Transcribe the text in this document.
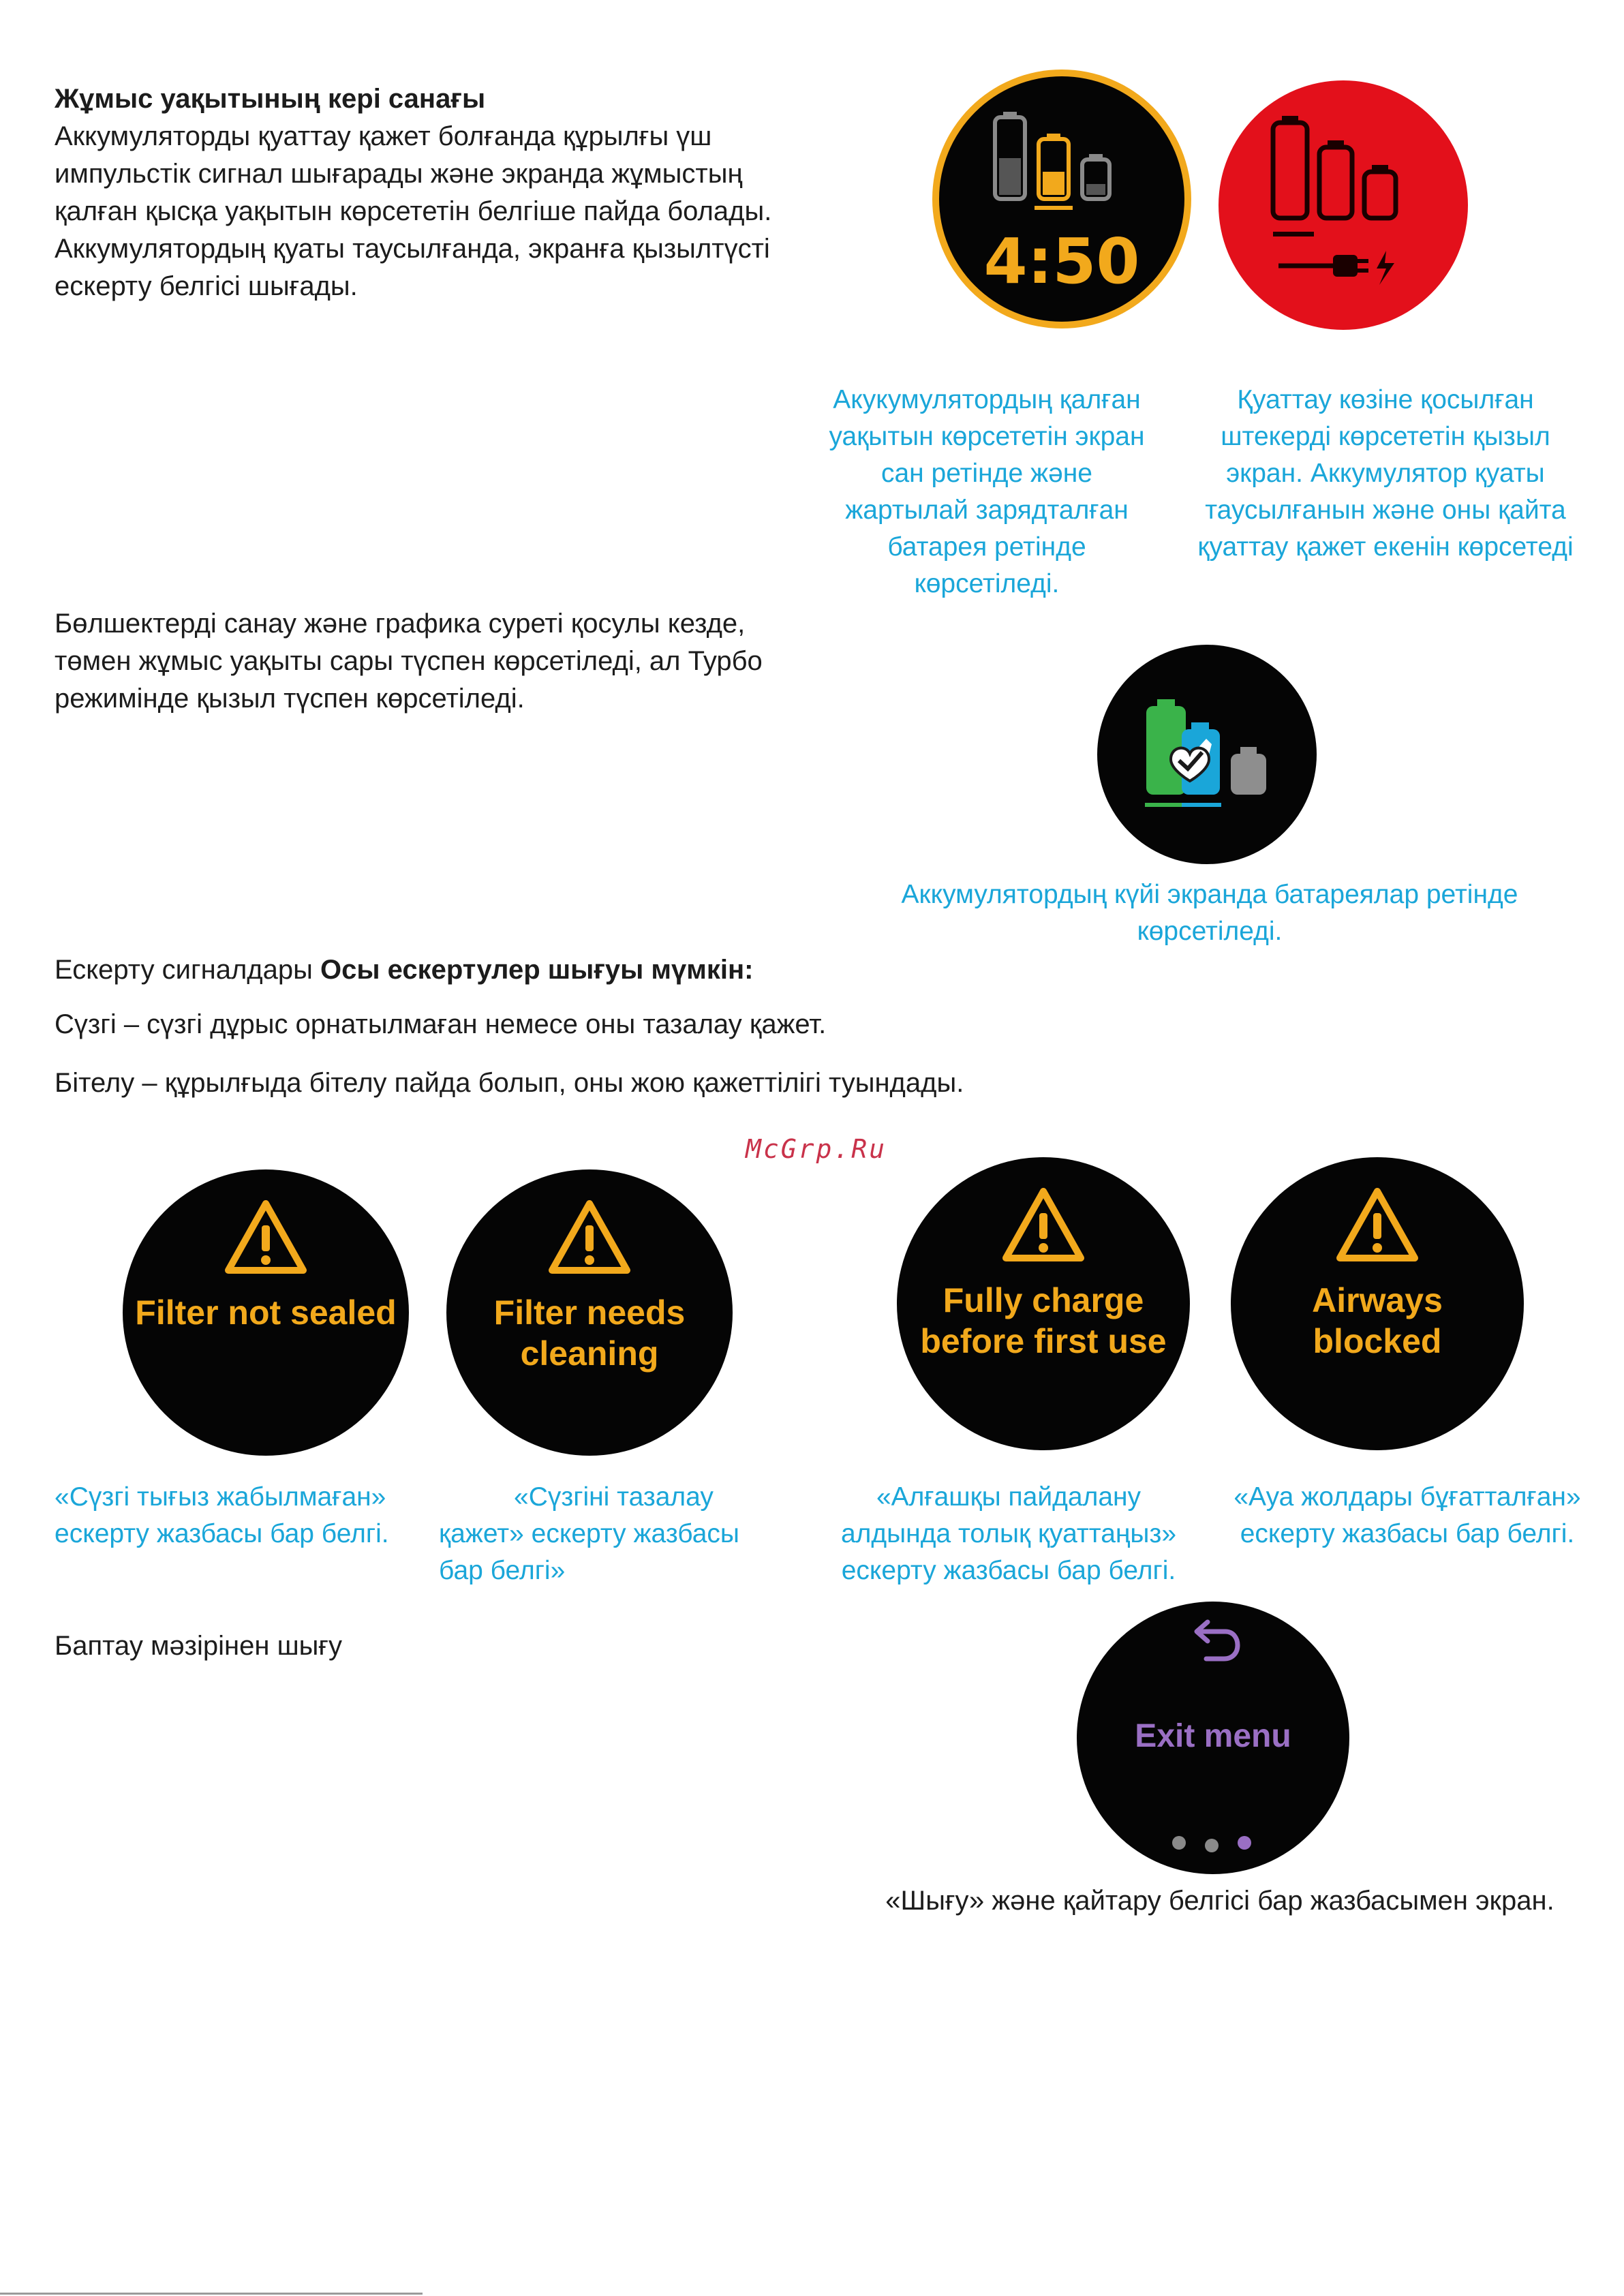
Жұмыс уақытының кері санағы
Аккумуляторды қуаттау қажет болғанда құрылғы үш импульстік сигнал шығарады және экранда жұмыстың қалған қысқа уақытын көрсететін белгіше пайда болады.
Аккумулятордың қуаты таусылғанда, экранға қызылтүсті ескерту белгісі шығады.	4:50
Акукумулятордың қалған уақытын көрсететін экран сан ретінде және жартылай зарядталған батарея ретінде көрсетіледі.
Қуаттау көзіне қосылған штекерді көрсететін қызыл экран. Аккумулятор қуаты таусылғанын және оны қайта қуаттау қажет екенін көрсетеді
Бөлшектерді санау және графика суреті қосулы кезде, төмен жұмыс уақыты сары түспен көрсетіледі, ал Турбо режимінде қызыл түспен көрсетіледі.
Аккумулятордың күйі экранда батареялар ретінде көрсетіледі.
Ескерту сигналдары Осы ескертулер шығуы мүмкін:
Сүзгі – сүзгі дұрыс орнатылмаған немесе оны тазалау қажет.
Бітелу – құрылғыда бітелу пайда болып, оны жою қажеттілігі туындады.
McGrp.Ru
Filter not sealed	Filter needs cleaning
Fully charge before first use
Airways blocked
«Сүзгі тығыз жабылмаған» ескерту жазбасы бар белгі.
«Сүзгіні тазалау қажет» ескерту жазбасы бар белгі»
«Алғашқы пайдалану алдында толық қуаттаңыз» ескерту жазбасы бар белгі.
«Ауа жолдары бұғатталған» ескерту жазбасы бар белгі.
Баптау мәзірінен шығу
Exit menu
«Шығу» және қайтару белгісі бар жазбасымен экран.
